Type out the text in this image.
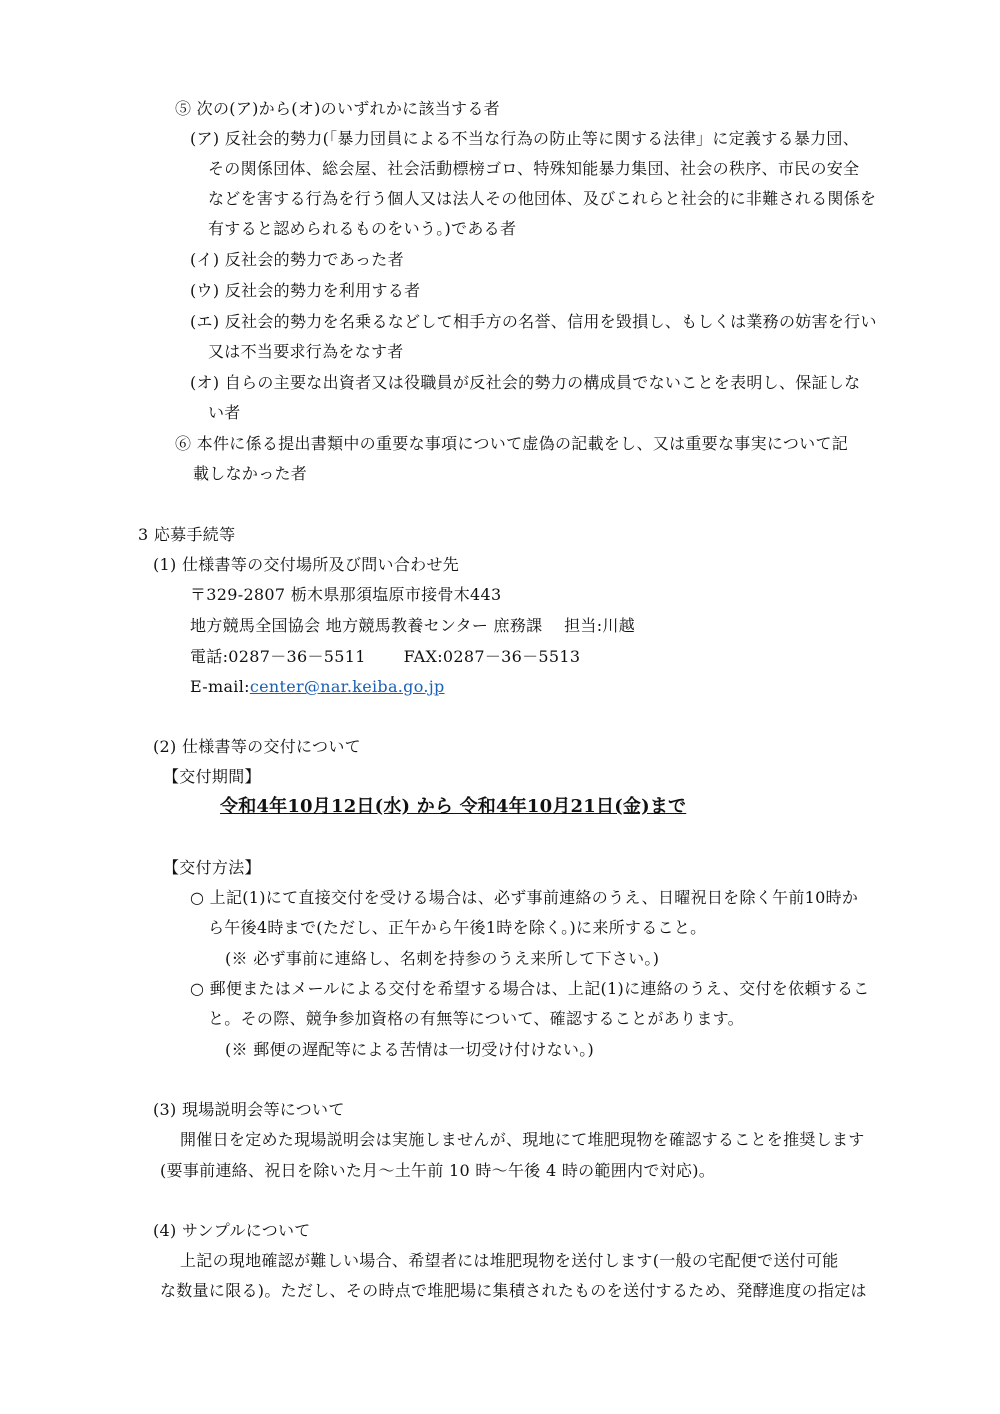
⑤ 次の(ア)から(オ)のいずれかに該当する者
(ア) 反社会的勢力(「暴力団員による不当な行為の防止等に関する法律」に定義する暴力団、
その関係団体、総会屋、社会活動標榜ゴロ、特殊知能暴力集団、社会の秩序、市民の安全
などを害する行為を行う個人又は法人その他団体、及びこれらと社会的に非難される関係を
有すると認められるものをいう。)である者
(イ) 反社会的勢力であった者
(ウ) 反社会的勢力を利用する者
(エ) 反社会的勢力を名乗るなどして相手方の名誉、信用を毀損し、もしくは業務の妨害を行い
又は不当要求行為をなす者
(オ) 自らの主要な出資者又は役職員が反社会的勢力の構成員でないことを表明し、保証しな
い者
⑥ 本件に係る提出書類中の重要な事項について虚偽の記載をし、又は重要な事実について記
載しなかった者
3 応募手続等
(1) 仕様書等の交付場所及び問い合わせ先
〒329-2807 栃木県那須塩原市接骨木443
地方競馬全国協会 地方競馬教養センター 庶務課　 担当:川越
電話:0287－36－5511　　 FAX:0287－36－5513
E-mail:center@nar.keiba.go.jp
(2) 仕様書等の交付について
【交付期間】
令和4年10月12日(水) から 令和4年10月21日(金)まで
【交付方法】
○ 上記(1)にて直接交付を受ける場合は、必ず事前連絡のうえ、日曜祝日を除く午前10時か
ら午後4時まで(ただし、正午から午後1時を除く。)に来所すること。
(※ 必ず事前に連絡し、名刺を持参のうえ来所して下さい。)
○ 郵便またはメールによる交付を希望する場合は、上記(1)に連絡のうえ、交付を依頼するこ
と。その際、競争参加資格の有無等について、確認することがあります。
(※ 郵便の遅配等による苦情は一切受け付けない。)
(3) 現場説明会等について
開催日を定めた現場説明会は実施しませんが、現地にて堆肥現物を確認することを推奨します
(要事前連絡、祝日を除いた月～土午前 10 時～午後 4 時の範囲内で対応)。
(4) サンプルについて
上記の現地確認が難しい場合、希望者には堆肥現物を送付します(一般の宅配便で送付可能
な数量に限る)。ただし、その時点で堆肥場に集積されたものを送付するため、発酵進度の指定は
